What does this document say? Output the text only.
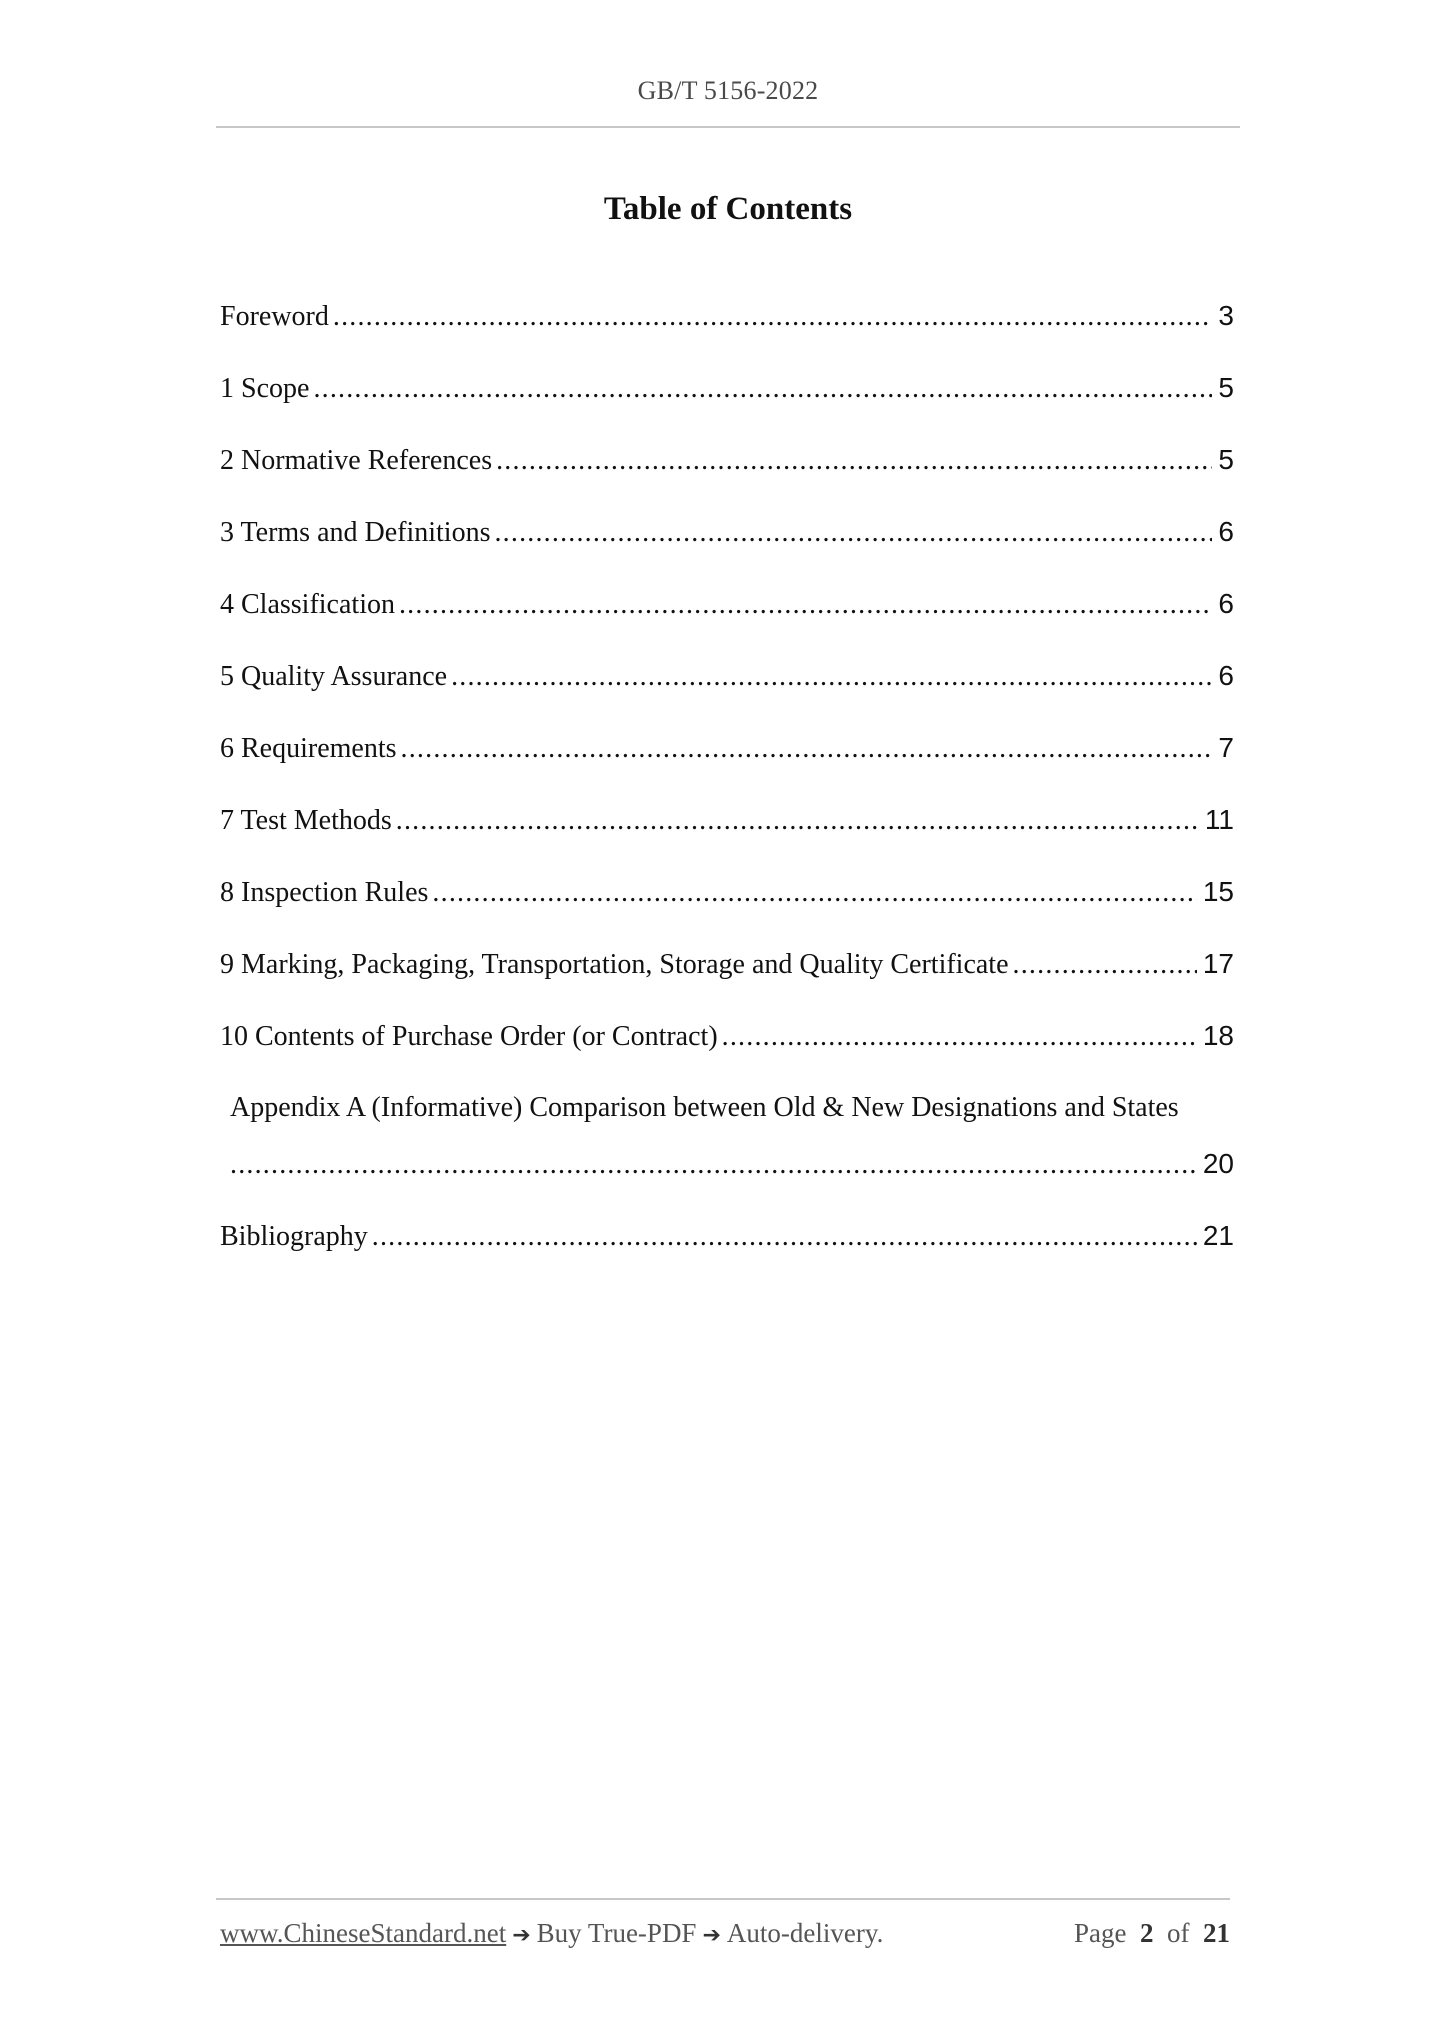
GB/T 5156-2022
Table of Contents
Foreword .....	3
1 Scope .....	5
2 Normative References .....	5
3 Terms and Definitions .....	6
4 Classification .....	6
5 Quality Assurance .....	6
6 Requirements .....	7
7 Test Methods .....	11
8 Inspection Rules .....	15
9 Marking, Packaging, Transportation, Storage and Quality Certificate .....	17
10 Contents of Purchase Order (or Contract) .....	18
Appendix A (Informative) Comparison between Old & New Designations and States
.....
20
Bibliography .....	21
www.ChineseStandard.net ➔ Buy True-PDF ➔ Auto-delivery.	Page 2 of 21
